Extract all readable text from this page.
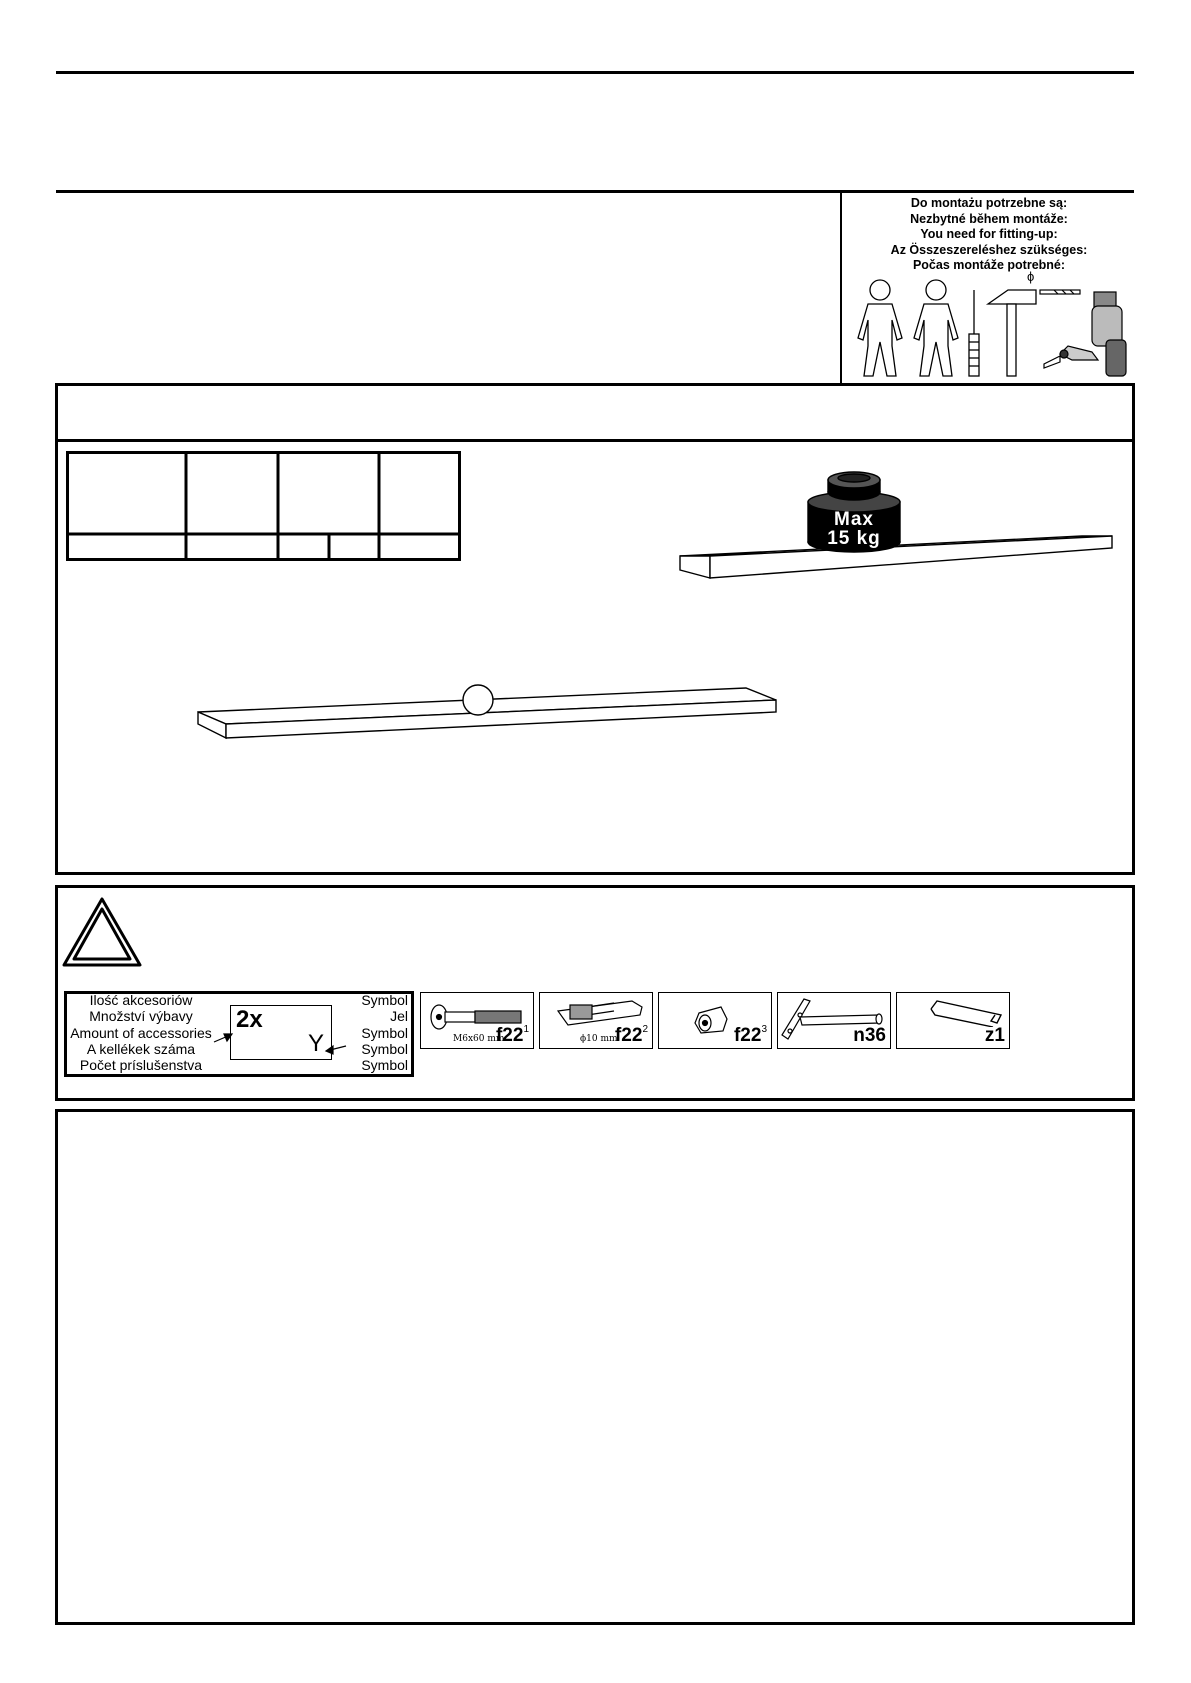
Do montażu potrzebne są:
Nezbytné během montáže:
You need for fitting-up:
Az Összeszereléshez szükséges:
Počas montáže potrebné:
ϕ
Max
15 kg
Ilość akcesoriów
Množství výbavy
Amount of accessories
A kellékek száma
Počet príslušenstva
2x
Y
Symbol
Jel
Symbol
Symbol
Symbol
M6x60 mm
$f22^1$
ϕ10 mm
$f22^2$	$f22^3$	n36	z1
